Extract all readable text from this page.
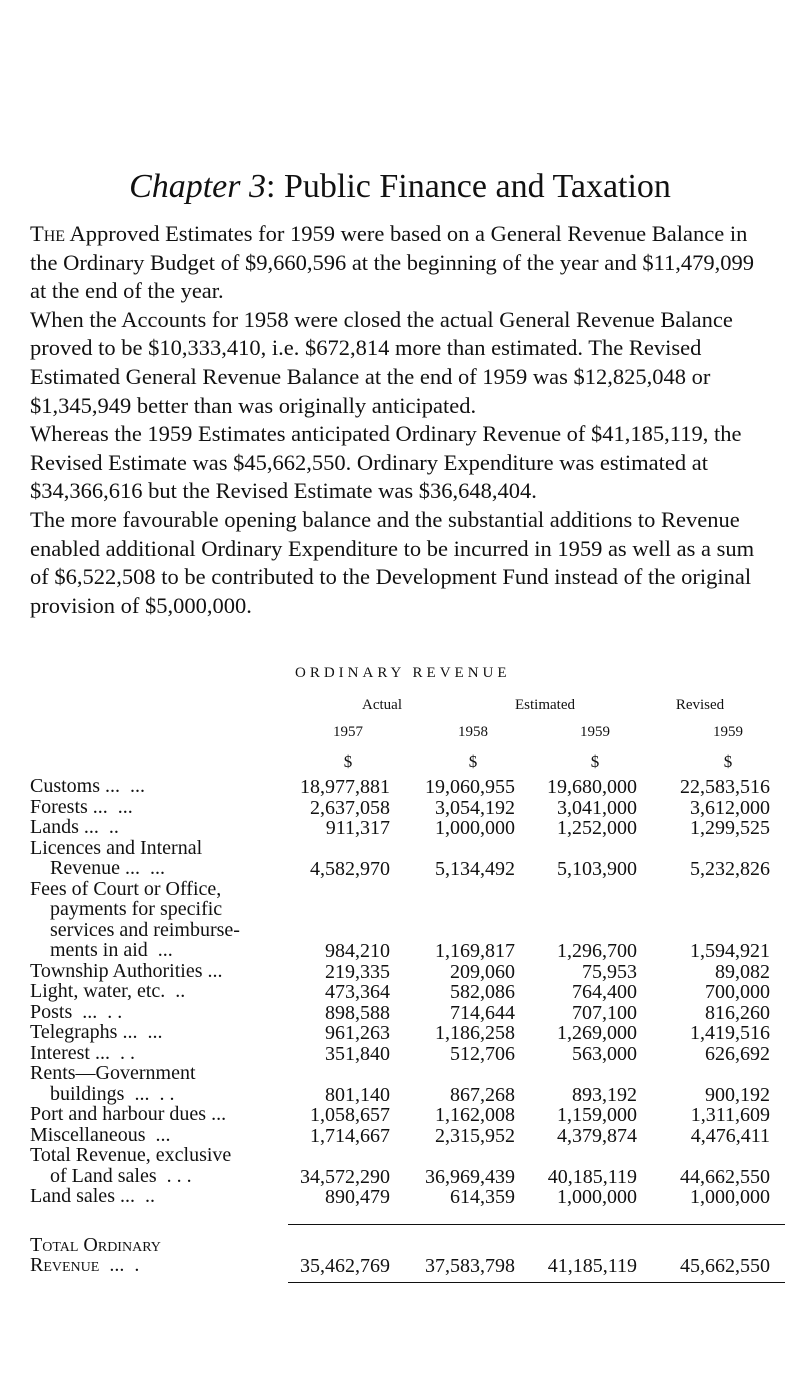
Chapter 3: Public Finance and Taxation

The Approved Estimates for 1959 were based on a General Revenue Balance in the Ordinary Budget of $9,660,596 at the beginning of the year and $11,479,099 at the end of the year.

When the Accounts for 1958 were closed the actual General Revenue Balance proved to be $10,333,410, i.e. $672,814 more than estimated. The Revised Estimated General Revenue Balance at the end of 1959 was $12,825,048 or $1,345,949 better than was originally anticipated.

Whereas the 1959 Estimates anticipated Ordinary Revenue of $41,185,119, the Revised Estimate was $45,662,550. Ordinary Expenditure was estimated at $34,366,616 but the Revised Estimate was $36,648,404.

The more favourable opening balance and the substantial additions to Revenue enabled additional Ordinary Expenditure to be incurred in 1959 as well as a sum of $6,522,508 to be contributed to the Development Fund instead of the original provision of $5,000,000.

ORDINARY REVENUE
Actual	Estimated	Revised
1957	1958	1959	1959
$	$	$	$
Customs ...  ...	18,977,881	19,060,955	19,680,000	22,583,516
Forests ...  ...	2,637,058	3,054,192	3,041,000	3,612,000
Lands ...  ..	911,317	1,000,000	1,252,000	1,299,525
Licences and Internal
Revenue ...  ...	4,582,970	5,134,492	5,103,900	5,232,826
Fees of Court or Office,
payments for specific
services and reimburse-
ments in aid  ...	984,210	1,169,817	1,296,700	1,594,921
Township Authorities ...	219,335	209,060	75,953	89,082
Light, water, etc.  ..	473,364	582,086	764,400	700,000
Posts  ...  . .	898,588	714,644	707,100	816,260
Telegraphs ...  ...	961,263	1,186,258	1,269,000	1,419,516
Interest ...  . .	351,840	512,706	563,000	626,692
Rents—Government
buildings  ...  . .	801,140	867,268	893,192	900,192
Port and harbour dues ...	1,058,657	1,162,008	1,159,000	1,311,609
Miscellaneous  ...	1,714,667	2,315,952	4,379,874	4,476,411
Total Revenue, exclusive
of Land sales  . . .	34,572,290	36,969,439	40,185,119	44,662,550
Land sales ...  ..	890,479	614,359	1,000,000	1,000,000
Total Ordinary
Revenue  ...  .	35,462,769	37,583,798	41,185,119	45,662,550
